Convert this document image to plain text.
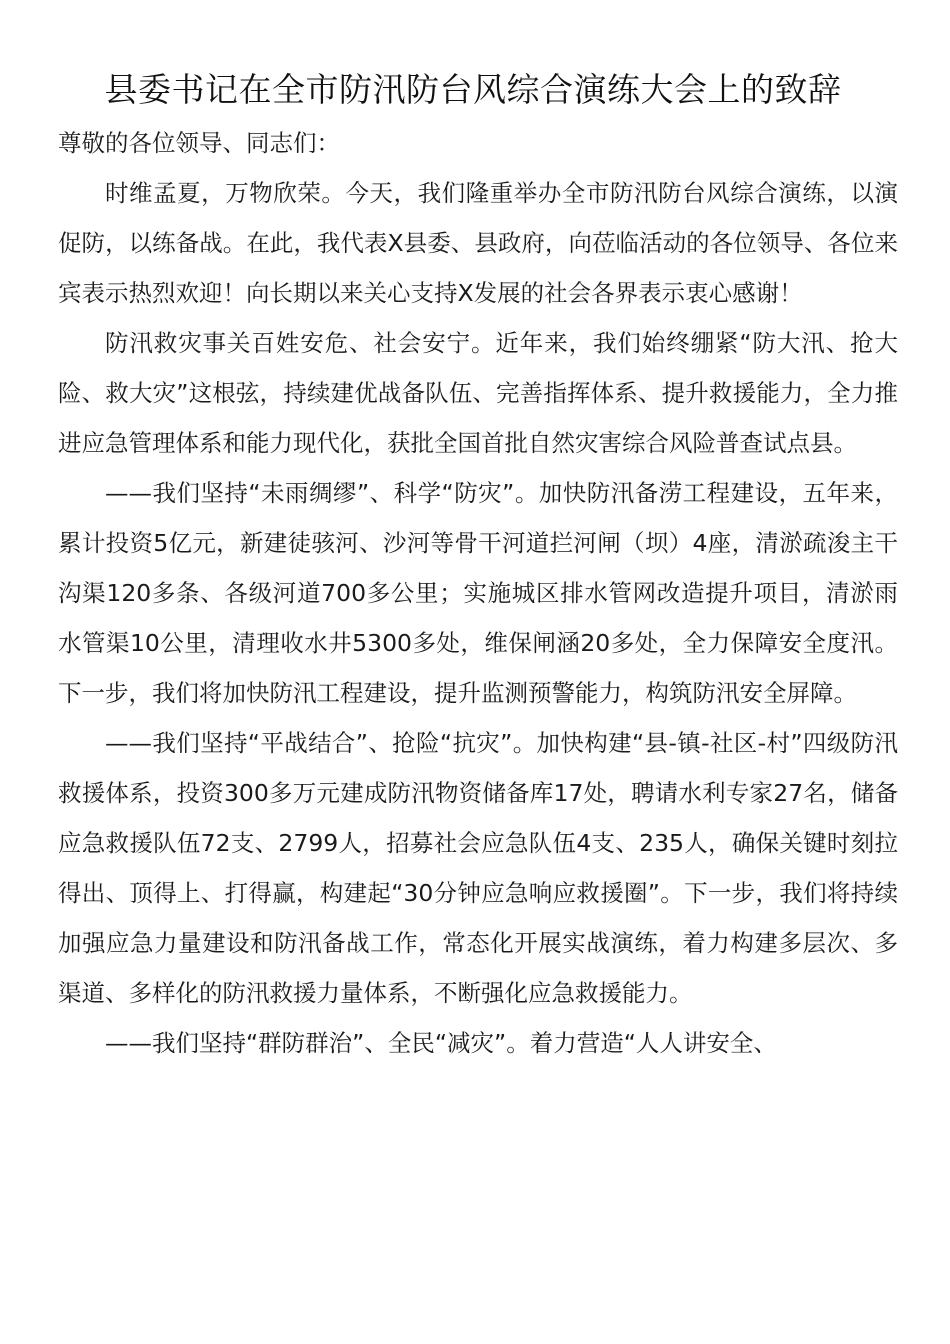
县委书记在全市防汛防台风综合演练大会上的致辞

尊敬的各位领导、同志们：

时维孟夏，万物欣荣。今天，我们隆重举办全市防汛防台风综合演练，以演促防，以练备战。在此，我代表X县委、县政府，向莅临活动的各位领导、各位来宾表示热烈欢迎！向长期以来关心支持X发展的社会各界表示衷心感谢！

防汛救灾事关百姓安危、社会安宁。近年来，我们始终绷紧“防大汛、抢大险、救大灾”这根弦，持续建优战备队伍、完善指挥体系、提升救援能力，全力推进应急管理体系和能力现代化，获批全国首批自然灾害综合风险普查试点县。

——我们坚持“未雨绸缪”、科学“防灾”。加快防汛备涝工程建设，五年来，累计投资5亿元，新建徒骇河、沙河等骨干河道拦河闸（坝）4座，清淤疏浚主干沟渠120多条、各级河道700多公里；实施城区排水管网改造提升项目，清淤雨水管渠10公里，清理收水井5300多处，维保闸涵20多处，全力保障安全度汛。下一步，我们将加快防汛工程建设，提升监测预警能力，构筑防汛安全屏障。

——我们坚持“平战结合”、抢险“抗灾”。加快构建“县-镇-社区-村”四级防汛救援体系，投资300多万元建成防汛物资储备库17处，聘请水利专家27名，储备应急救援队伍72支、2799人，招募社会应急队伍4支、235人，确保关键时刻拉得出、顶得上、打得赢，构建起“30分钟应急响应救援圈”。下一步，我们将持续加强应急力量建设和防汛备战工作，常态化开展实战演练，着力构建多层次、多渠道、多样化的防汛救援力量体系，不断强化应急救援能力。

——我们坚持“群防群治”、全民“减灾”。着力营造“人人讲安全、
